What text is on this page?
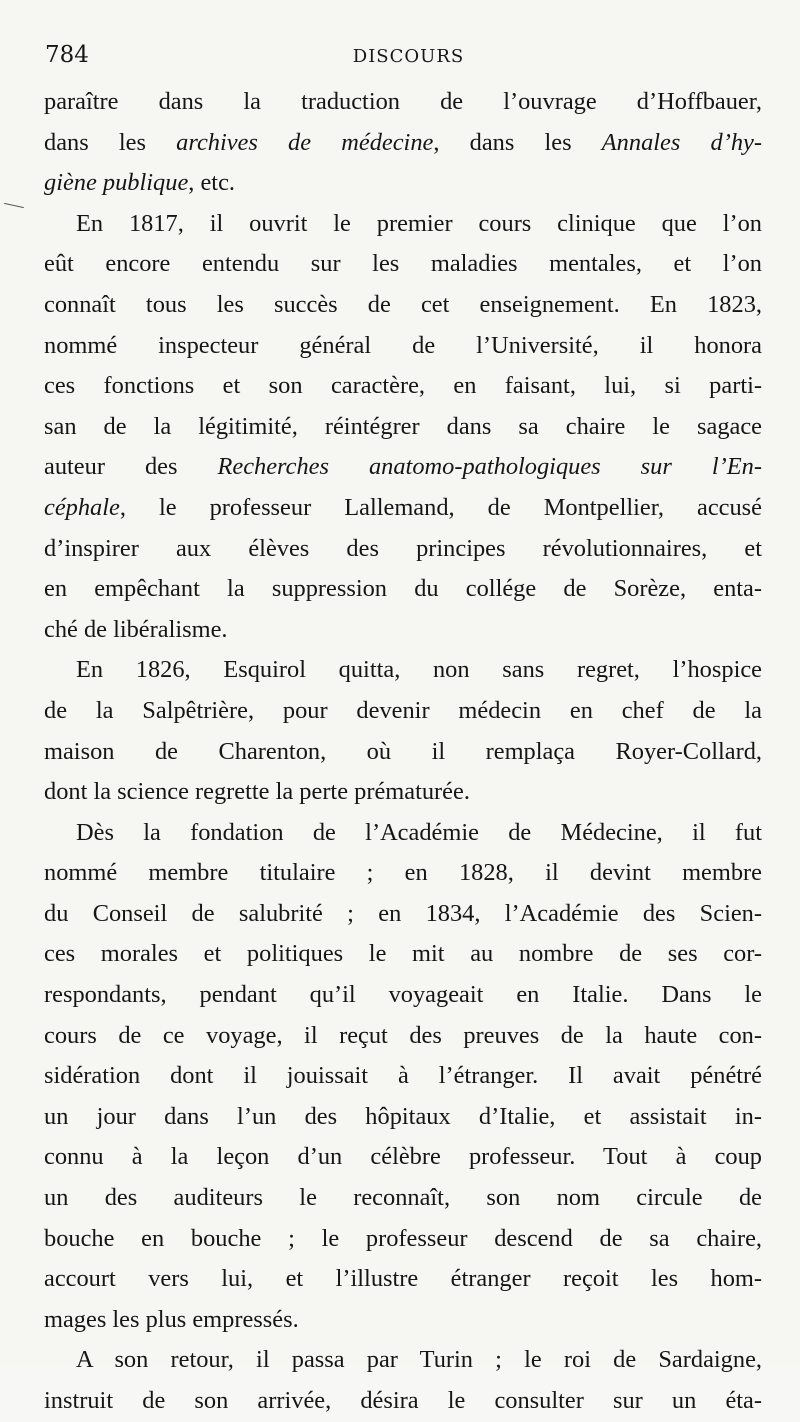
784	DISCOURS
paraître dans la traduction de l’ouvrage d’Hoffbauer,
dans les archives de médecine, dans les Annales d’hy-
giène publique, etc.
En 1817, il ouvrit le premier cours clinique que l’on
eût encore entendu sur les maladies mentales, et l’on
connaît tous les succès de cet enseignement. En 1823,
nommé inspecteur général de l’Université, il honora
ces fonctions et son caractère, en faisant, lui, si parti-
san de la légitimité, réintégrer dans sa chaire le sagace
auteur des Recherches anatomo-pathologiques sur l’En-
céphale, le professeur Lallemand, de Montpellier, accusé
d’inspirer aux élèves des principes révolutionnaires, et
en empêchant la suppression du collége de Sorèze, enta-
ché de libéralisme.
En 1826, Esquirol quitta, non sans regret, l’hospice
de la Salpêtrière, pour devenir médecin en chef de la
maison de Charenton, où il remplaça Royer-Collard,
dont la science regrette la perte prématurée.
Dès la fondation de l’Académie de Médecine, il fut
nommé membre titulaire ; en 1828, il devint membre
du Conseil de salubrité ; en 1834, l’Académie des Scien-
ces morales et politiques le mit au nombre de ses cor-
respondants, pendant qu’il voyageait en Italie. Dans le
cours de ce voyage, il reçut des preuves de la haute con-
sidération dont il jouissait à l’étranger. Il avait pénétré
un jour dans l’un des hôpitaux d’Italie, et assistait in-
connu à la leçon d’un célèbre professeur. Tout à coup
un des auditeurs le reconnaît, son nom circule de
bouche en bouche ; le professeur descend de sa chaire,
accourt vers lui, et l’illustre étranger reçoit les hom-
mages les plus empressés.
A son retour, il passa par Turin ; le roi de Sardaigne,
instruit de son arrivée, désira le consulter sur un éta-
